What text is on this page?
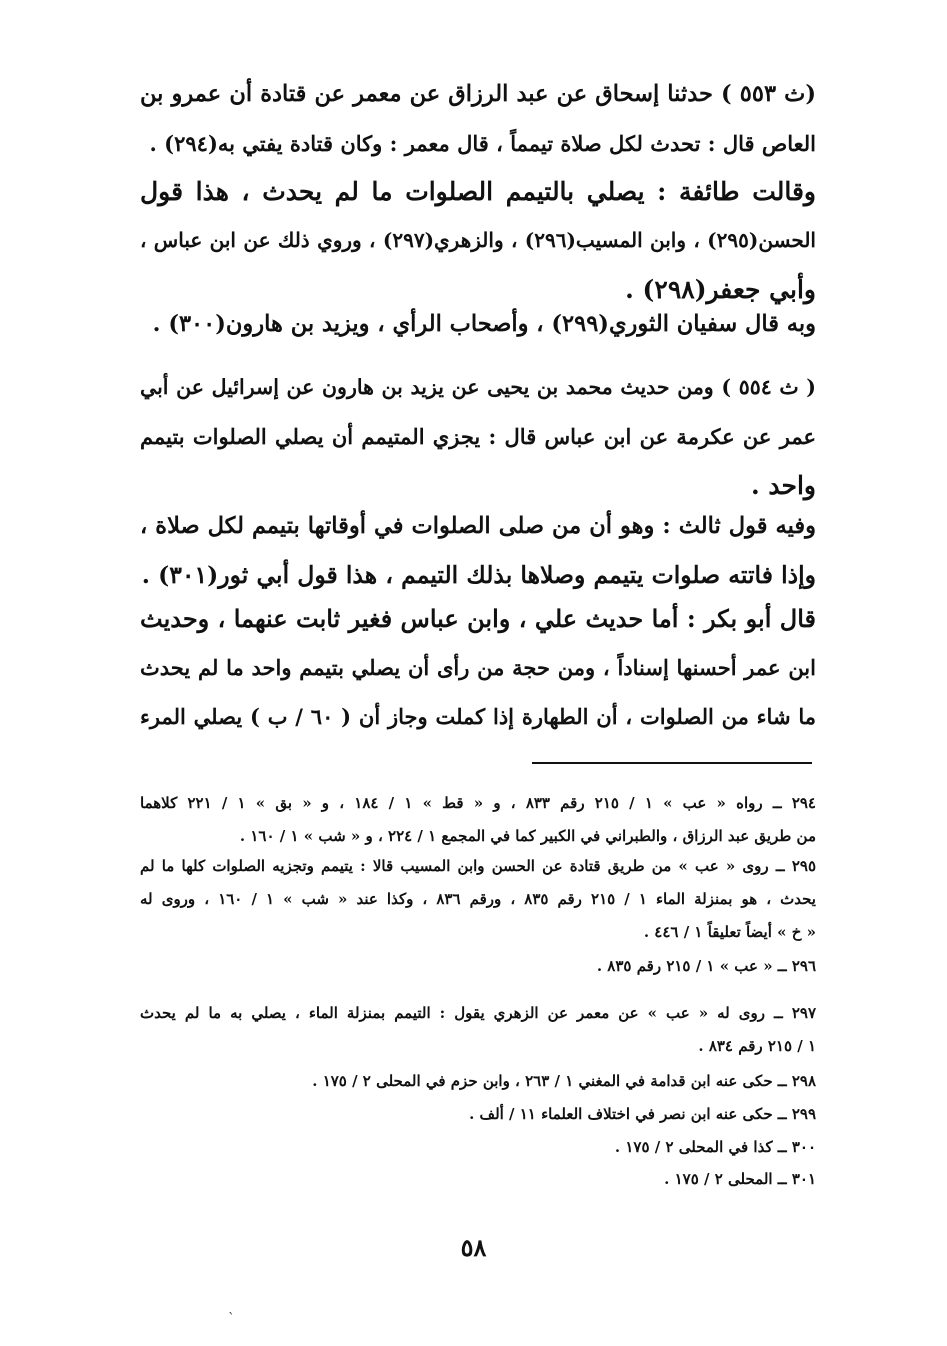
(ث ٥٥٣ ) حدثنا إسحاق عن عبد الرزاق عن معمر عن قتادة أن عمرو بن
العاص قال : تحدث لكل صلاة تيمماً ، قال معمر : وكان قتادة يفتي به(٢٩٤) .
وقالت طائفة : يصلي بالتيمم الصلوات ما لم يحدث ، هذا قول
الحسن(٢٩٥) ، وابن المسيب(٢٩٦) ، والزهري(٢٩٧) ، وروي ذلك عن ابن عباس ،
وأبي جعفر(٢٩٨) .
وبه قال سفيان الثوري(٢٩٩) ، وأصحاب الرأي ، ويزيد بن هارون(٣٠٠) .
( ث ٥٥٤ ) ومن حديث محمد بن يحيى عن يزيد بن هارون عن إسرائيل عن أبي
عمر عن عكرمة عن ابن عباس قال : يجزي المتيمم أن يصلي الصلوات بتيمم
واحد .
وفيه قول ثالث : وهو أن من صلى الصلوات في أوقاتها بتيمم لكل صلاة ،
وإذا فاتته صلوات يتيمم وصلاها بذلك التيمم ، هذا قول أبي ثور(٣٠١) .
قال أبو بكر : أما حديث علي ، وابن عباس فغير ثابت عنهما ، وحديث
ابن عمر أحسنها إسناداً ، ومن حجة من رأى أن يصلي بتيمم واحد ما لم يحدث
ما شاء من الصلوات ، أن الطهارة إذا كملت وجاز أن ( ٦٠ / ب ) يصلي المرء
٢٩٤ ــ رواه « عب » ١ / ٢١٥ رقم ٨٣٣ ، و « قط » ١ / ١٨٤ ، و « بق » ١ / ٢٢١ كلاهما
من طريق عبد الرزاق ، والطبراني في الكبير كما في المجمع ١ / ٢٢٤ ، و « شب » ١ / ١٦٠ .
٢٩٥ ــ روى « عب » من طريق قتادة عن الحسن وابن المسيب قالا : يتيمم وتجزيه الصلوات كلها ما لم
يحدث ، هو بمنزلة الماء ١ / ٢١٥ رقم ٨٣٥ ، ورقم ٨٣٦ ، وكذا عند « شب » ١ / ١٦٠ ، وروى له
« خ » أيضاً تعليقاً ١ / ٤٤٦ .
٢٩٦ ــ « عب » ١ / ٢١٥ رقم ٨٣٥ .
٢٩٧ ــ روى له « عب » عن معمر عن الزهري يقول : التيمم بمنزلة الماء ، يصلي به ما لم يحدث
١ / ٢١٥ رقم ٨٣٤ .
٢٩٨ ــ حكى عنه ابن قدامة في المغني ١ / ٢٦٣ ، وابن حزم في المحلى ٢ / ١٧٥ .
٢٩٩ ــ حكى عنه ابن نصر في اختلاف العلماء ١١ / ألف .
٣٠٠ ــ كذا في المحلى ٢ / ١٧٥ .
٣٠١ ــ المحلى ٢ / ١٧٥ .
٥٨
ˋ
